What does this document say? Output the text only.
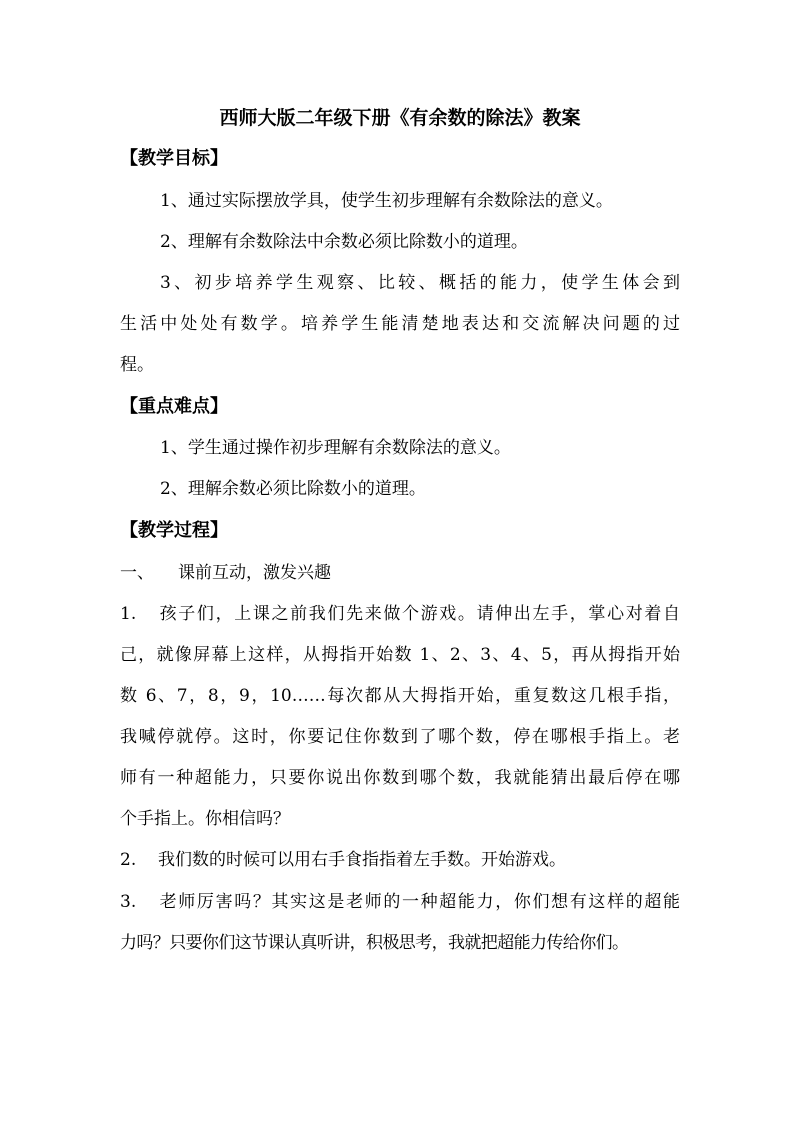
西师大版二年级下册《有余数的除法》教案
【教学目标】
1、通过实际摆放学具，使学生初步理解有余数除法的意义。
2、理解有余数除法中余数必须比除数小的道理。
3、初步培养学生观察、比较、概括的能力，使学生体会到
生活中处处有数学。培养学生能清楚地表达和交流解决问题的过
程。
【重点难点】
1、学生通过操作初步理解有余数除法的意义。
2、理解余数必须比除数小的道理。
【教学过程】
一、 课前互动，激发兴趣
1. 孩子们，上课之前我们先来做个游戏。请伸出左手，掌心对着自
己，就像屏幕上这样，从拇指开始数 1、2、3、4、5，再从拇指开始
数 6、7，8，9，10……每次都从大拇指开始，重复数这几根手指，
我喊停就停。这时，你要记住你数到了哪个数，停在哪根手指上。老
师有一种超能力，只要你说出你数到哪个数，我就能猜出最后停在哪
个手指上。你相信吗？
2. 我们数的时候可以用右手食指指着左手数。开始游戏。
3. 老师厉害吗？其实这是老师的一种超能力，你们想有这样的超能
力吗？只要你们这节课认真听讲，积极思考，我就把超能力传给你们。
